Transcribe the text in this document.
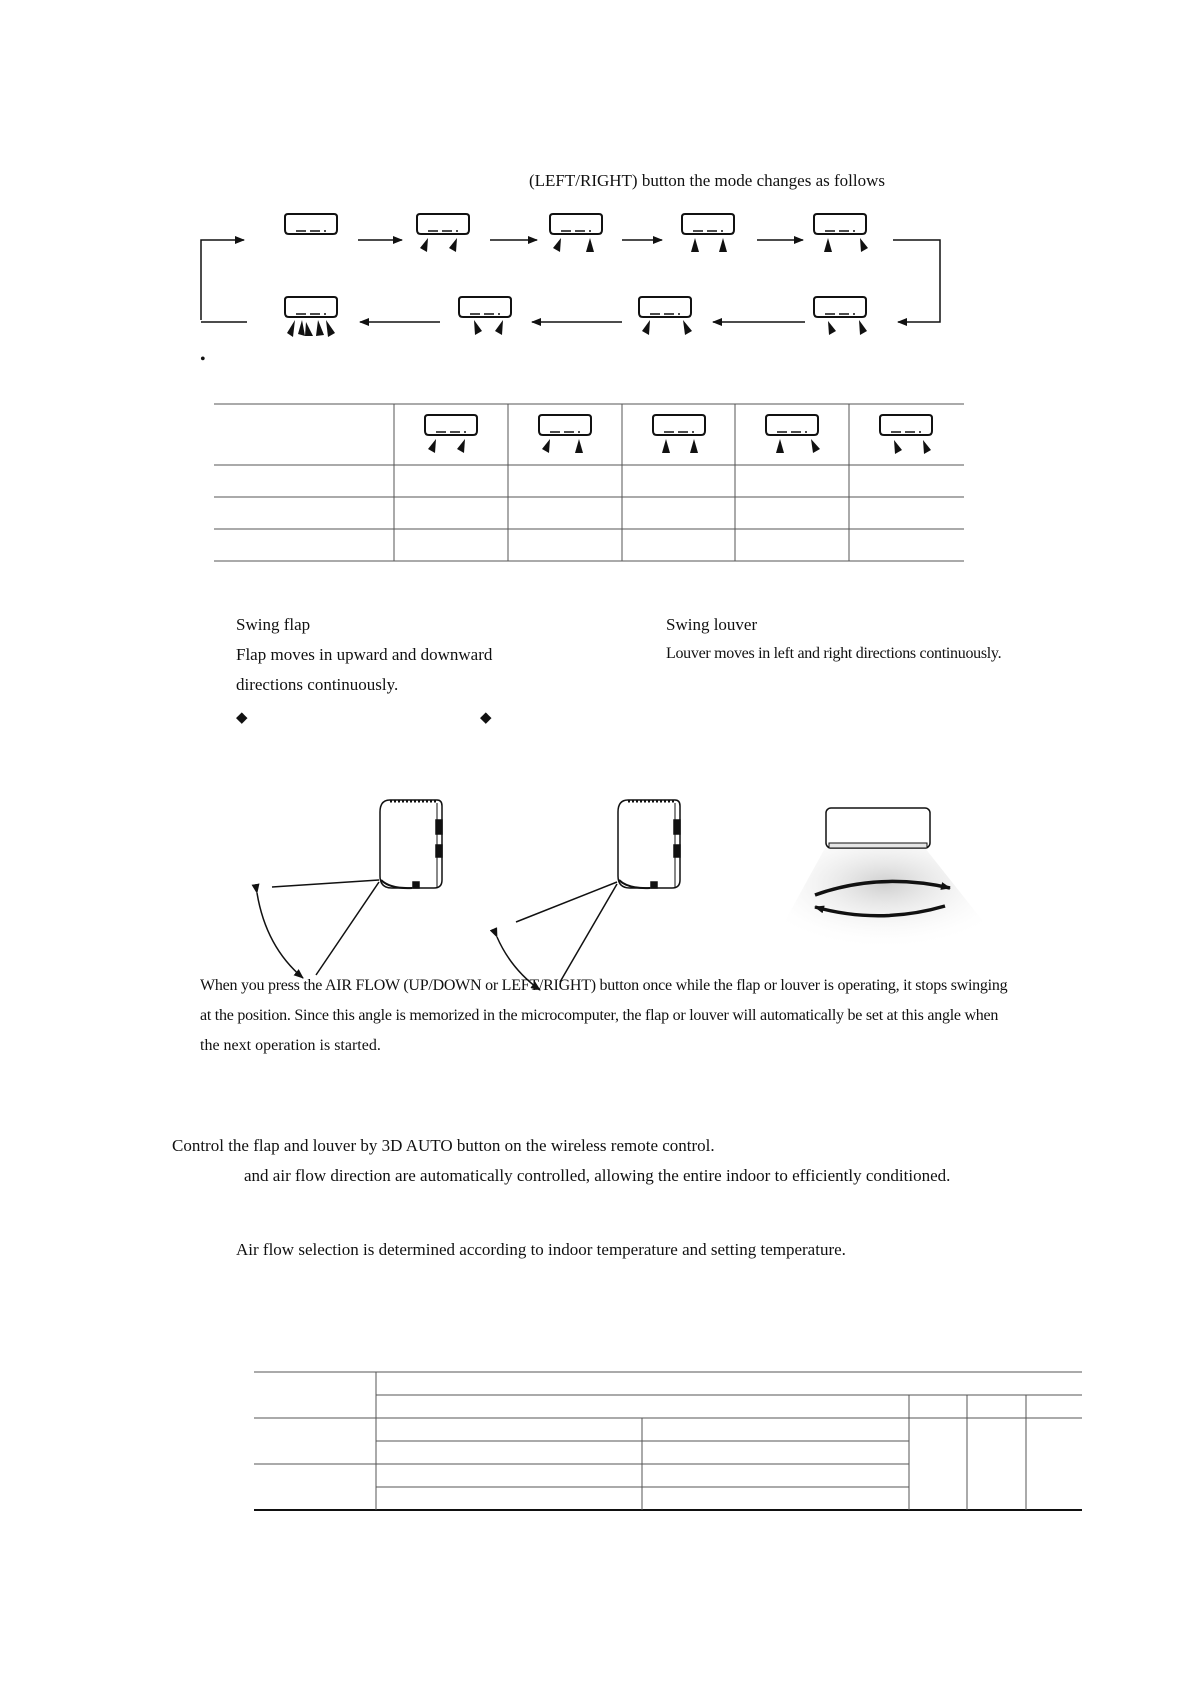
(LEFT/RIGHT) button the mode changes as follows
•
Swing flap
Flap moves in upward and downward
directions continuously.
Swing louver
Louver moves in left and right directions continuously.
◆	◆
When you press the AIR FLOW (UP/DOWN or LEFT/RIGHT) button once while the flap or louver is operating, it stops swinging
at the position. Since this angle is memorized in the microcomputer, the flap or louver will automatically be set at this angle when
the next operation is started.
Control the flap and louver by 3D AUTO button on the wireless remote control.
and air flow direction are automatically controlled, allowing the entire indoor to efficiently conditioned.
Air flow selection is determined according to indoor temperature and setting temperature.
